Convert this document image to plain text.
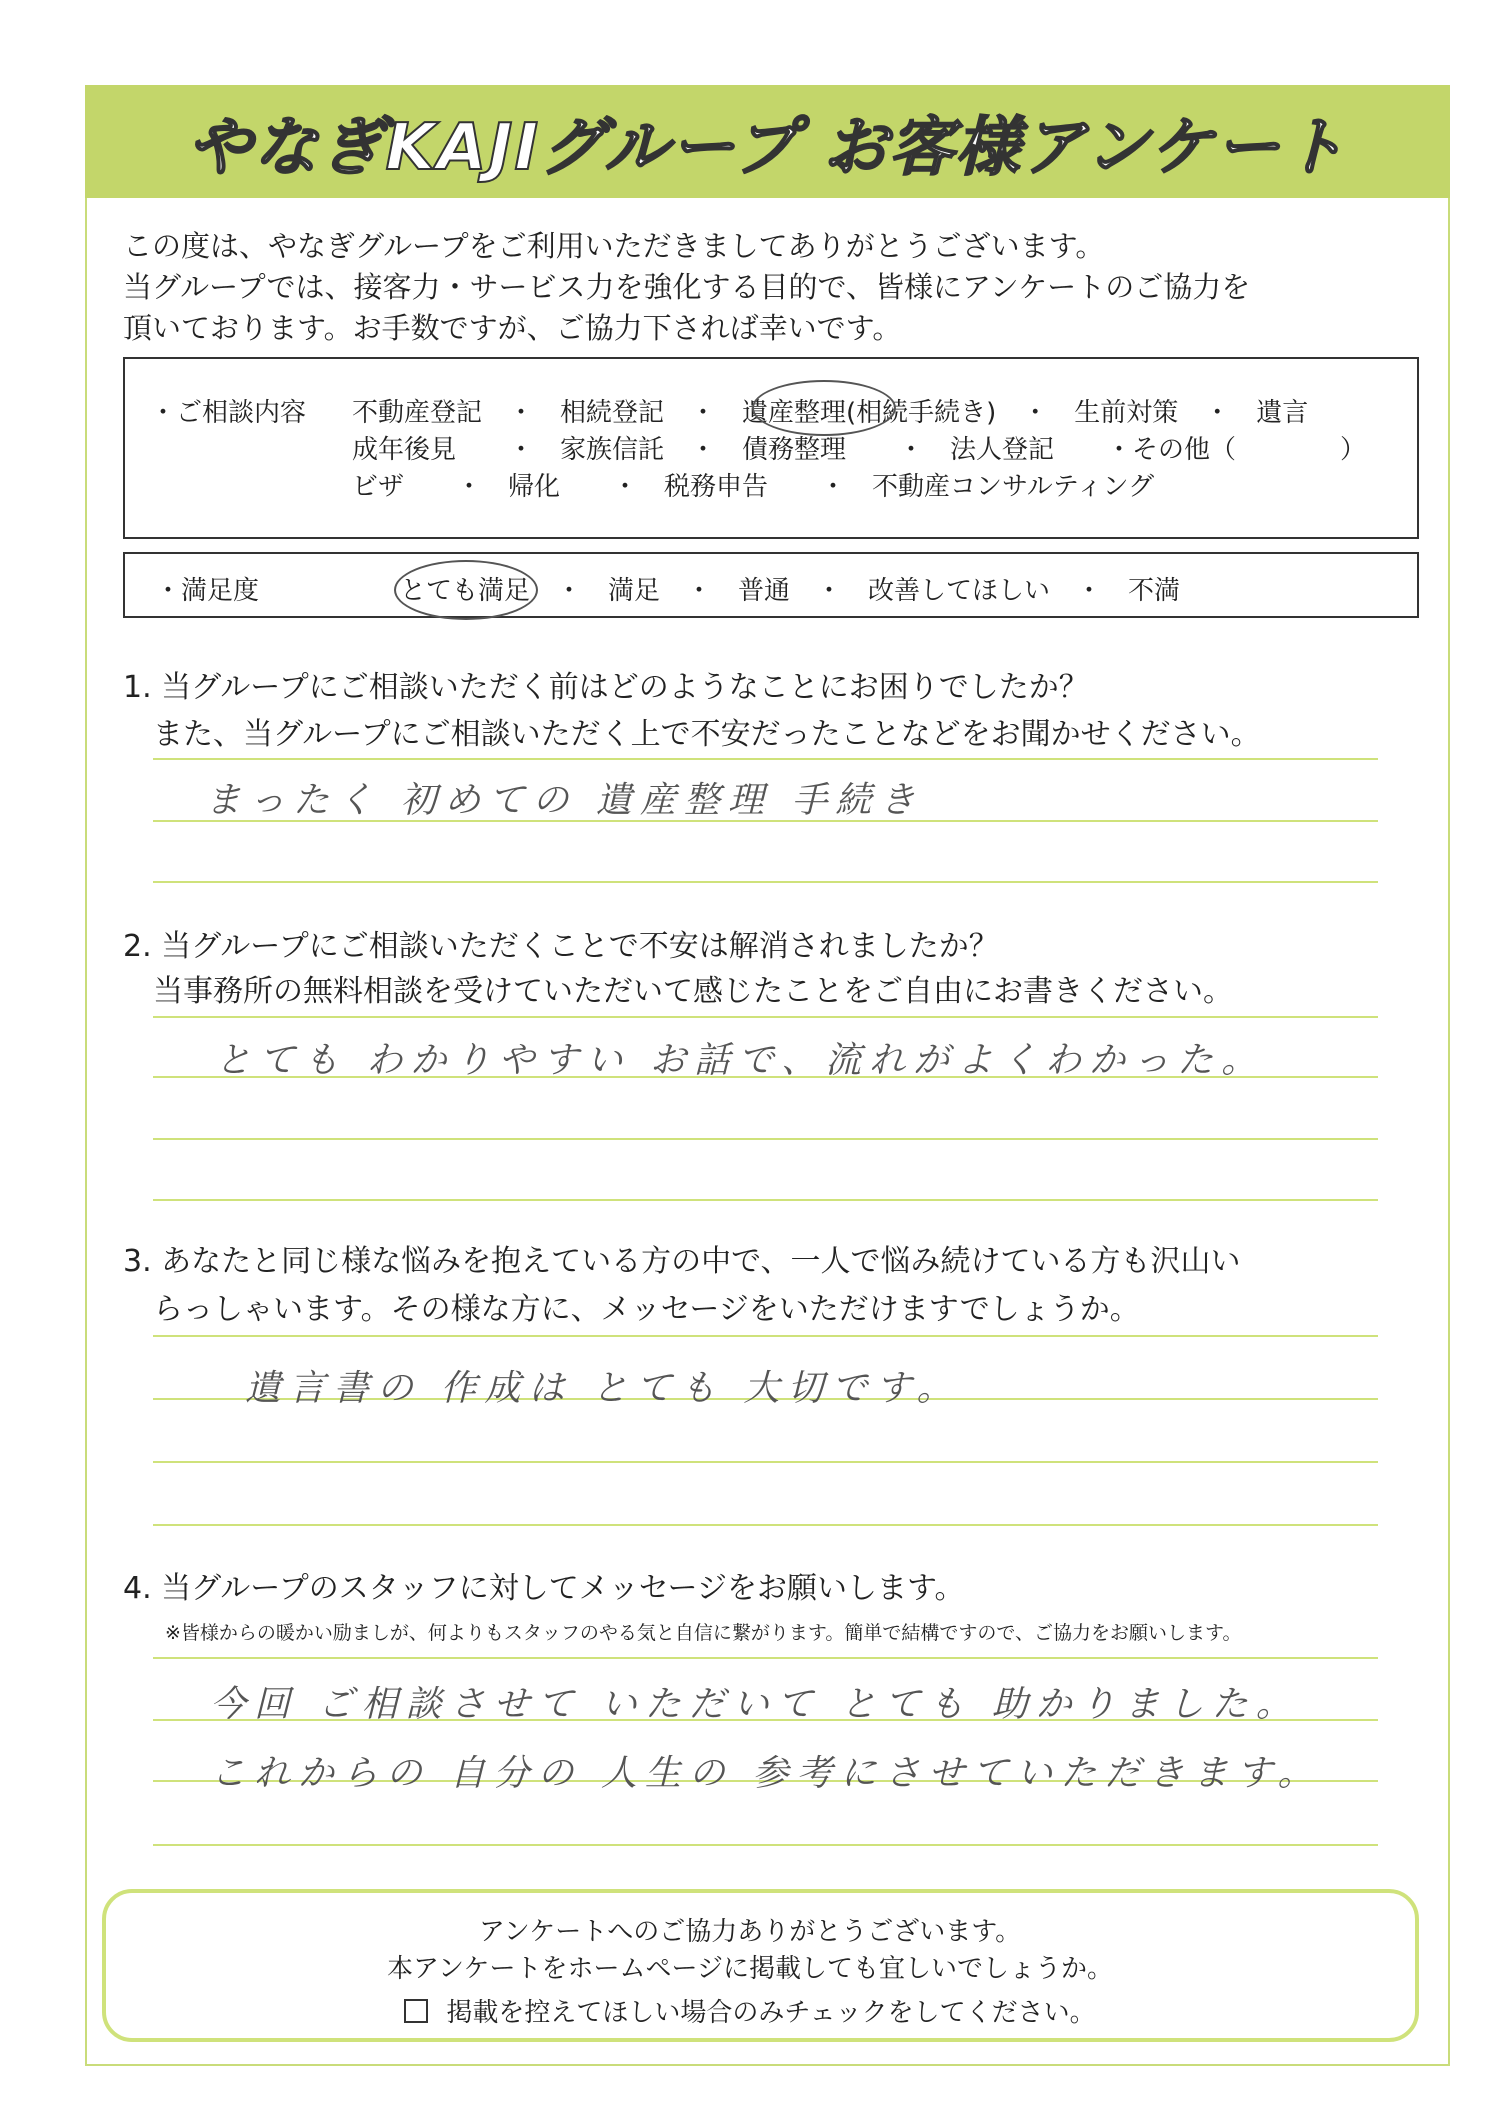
やなぎKAJIグループ お客様アンケート
この度は、やなぎグループをご利用いただきましてありがとうございます。
当グループでは、接客力・サービス力を強化する目的で、皆様にアンケートのご協力を
頂いております。お手数ですが、ご協力下されば幸いです。
・ご相談内容 不動産登記　・　相続登記　・　遺産整理(相続手続き)　・　生前対策　・　遺言
成年後見　　・　家族信託　・　債務整理　　・　法人登記　　・その他（　　　　）
ビザ　　・　帰化　　・　税務申告　　・　不動産コンサルティング
・満足度	とても満足　・　満足　・　普通　・　改善してほしい　・　不満
1. 当グループにご相談いただく前はどのようなことにお困りでしたか？
　また、当グループにご相談いただく上で不安だったことなどをお聞かせください。
まったく 初めての 遺産整理 手続き
2. 当グループにご相談いただくことで不安は解消されましたか？
　当事務所の無料相談を受けていただいて感じたことをご自由にお書きください。
とても わかりやすい お話で、流れがよくわかった。
3. あなたと同じ様な悩みを抱えている方の中で、一人で悩み続けている方も沢山い
　らっしゃいます。その様な方に、メッセージをいただけますでしょうか。
遺言書の 作成は とても 大切です。
4. 当グループのスタッフに対してメッセージをお願いします。
※皆様からの暖かい励ましが、何よりもスタッフのやる気と自信に繋がります。簡単で結構ですので、ご協力をお願いします。
今回 ご相談させて いただいて とても 助かりました。
これからの 自分の 人生の 参考にさせていただきます。
アンケートへのご協力ありがとうございます。
本アンケートをホームページに掲載しても宜しいでしょうか。
掲載を控えてほしい場合のみチェックをしてください。
